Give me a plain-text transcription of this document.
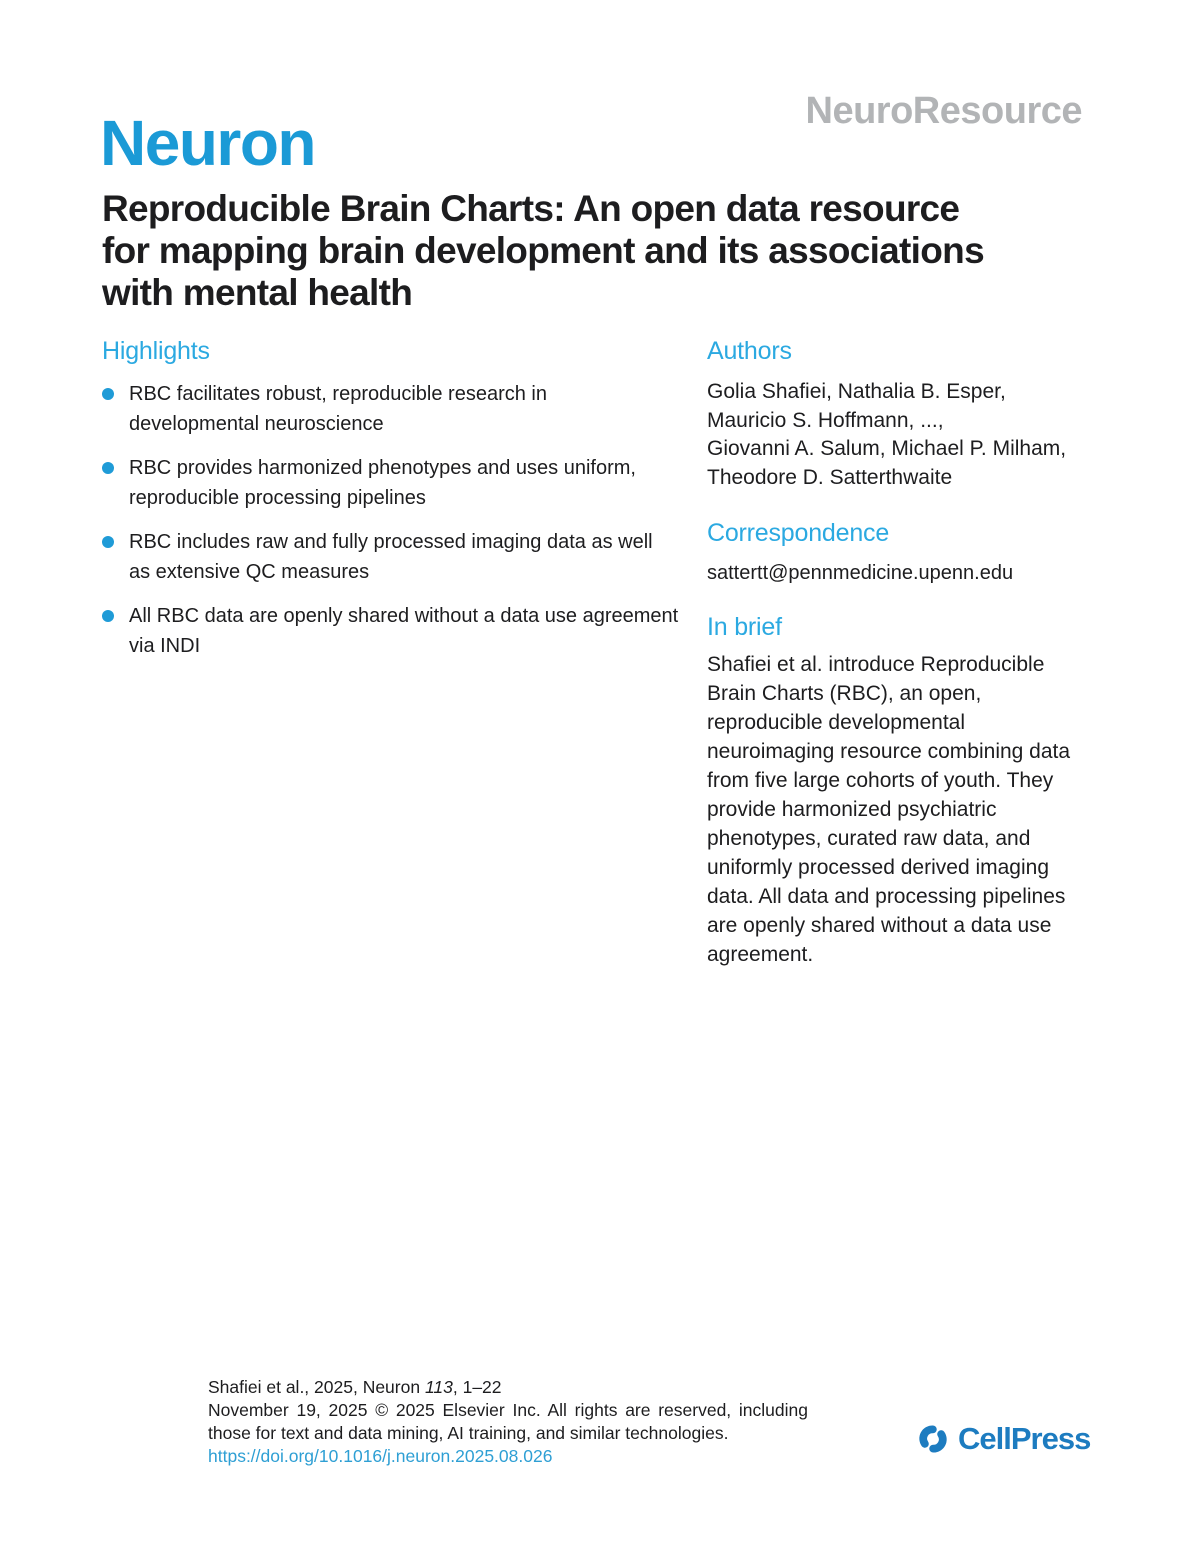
NeuroResource
Neuron
Reproducible Brain Charts: An open data resource
for mapping brain development and its associations
with mental health
Highlights
RBC facilitates robust, reproducible research in
developmental neuroscience
RBC provides harmonized phenotypes and uses uniform,
reproducible processing pipelines
RBC includes raw and fully processed imaging data as well
as extensive QC measures
All RBC data are openly shared without a data use agreement
via INDI
Authors

Golia Shafiei, Nathalia B. Esper,
Mauricio S. Hoffmann, ...,
Giovanni A. Salum, Michael P. Milham,
Theodore D. Satterthwaite

Correspondence

sattertt@pennmedicine.upenn.edu

In brief

Shafiei et al. introduce Reproducible
Brain Charts (RBC), an open,
reproducible developmental
neuroimaging resource combining data
from five large cohorts of youth. They
provide harmonized psychiatric
phenotypes, curated raw data, and
uniformly processed derived imaging
data. All data and processing pipelines
are openly shared without a data use
agreement.

Shafiei et al., 2025, Neuron 113, 1–22
November 19, 2025 © 2025 Elsevier Inc. All rights are reserved, including
those for text and data mining, AI training, and similar technologies.
https://doi.org/10.1016/j.neuron.2025.08.026	CellPress
